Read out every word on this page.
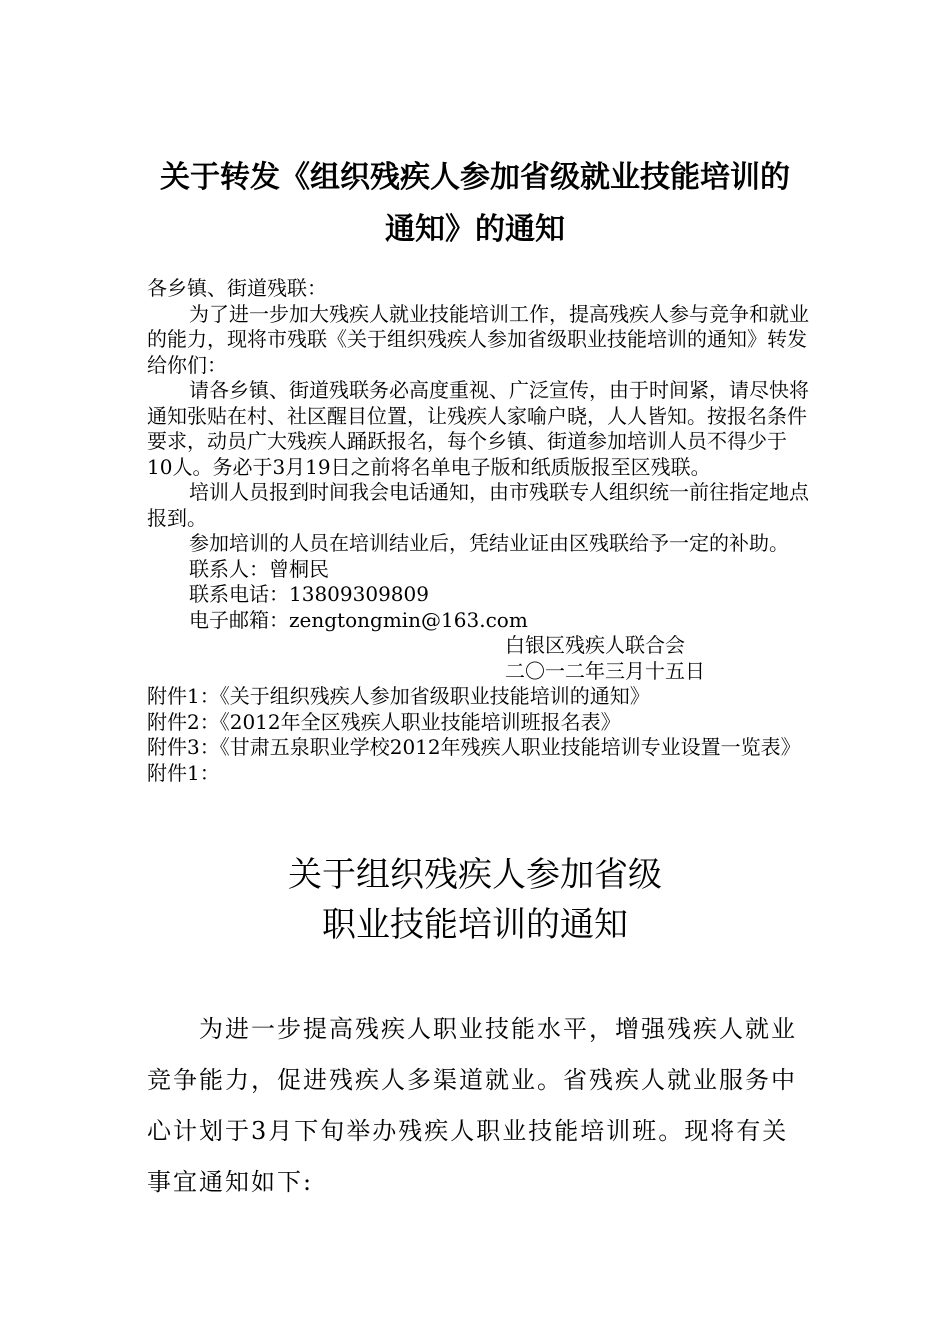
关于转发《组织残疾人参加省级就业技能培训的
通知》的通知

各乡镇、街道残联：

为了进一步加大残疾人就业技能培训工作，提高残疾人参与竞争和就业的能力，现将市残联《关于组织残疾人参加省级职业技能培训的通知》转发给你们：

请各乡镇、街道残联务必高度重视、广泛宣传，由于时间紧，请尽快将通知张贴在村、社区醒目位置，让残疾人家喻户晓，人人皆知。按报名条件要求，动员广大残疾人踊跃报名，每个乡镇、街道参加培训人员不得少于10人。务必于3月19日之前将名单电子版和纸质版报至区残联。

培训人员报到时间我会电话通知，由市残联专人组织统一前往指定地点报到。

参加培训的人员在培训结业后，凭结业证由区残联给予一定的补助。

联系人：曾桐民

联系电话：13809309809

电子邮箱：zengtongmin@163.com

白银区残疾人联合会

二〇一二年三月十五日

附件1：《关于组织残疾人参加省级职业技能培训的通知》

附件2：《2012年全区残疾人职业技能培训班报名表》

附件3：《甘肃五泉职业学校2012年残疾人职业技能培训专业设置一览表》

附件1：

关于组织残疾人参加省级
职业技能培训的通知

为进一步提高残疾人职业技能水平，增强残疾人就业竞争能力，促进残疾人多渠道就业。省残疾人就业服务中心计划于3月下旬举办残疾人职业技能培训班。现将有关事宜通知如下:
